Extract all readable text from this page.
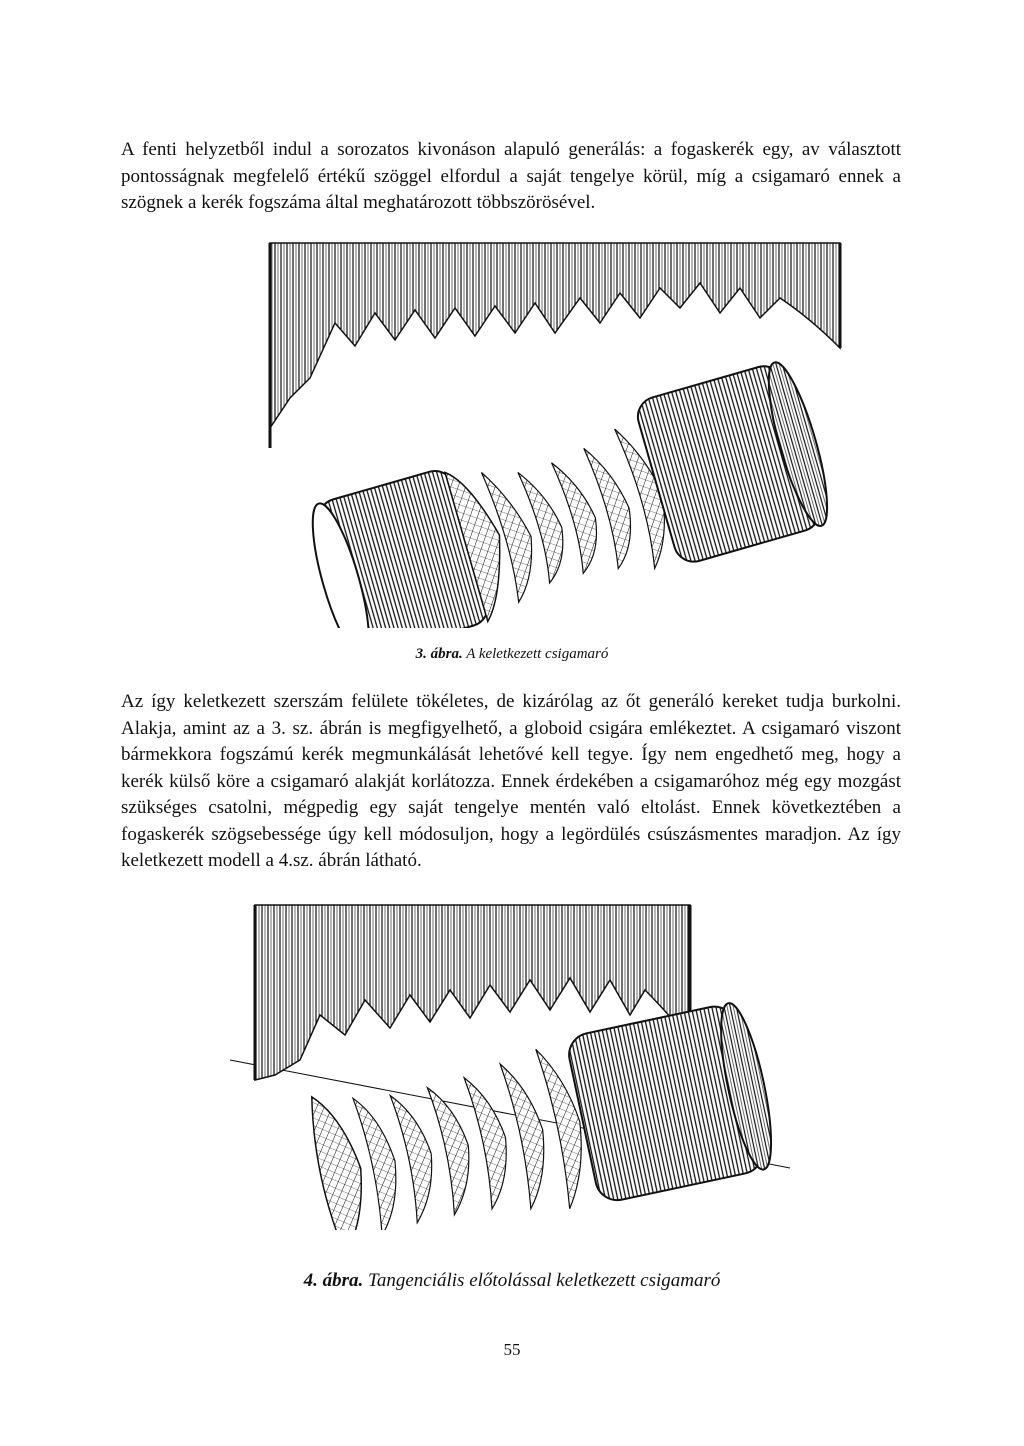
A fenti helyzetből indul a sorozatos kivonáson alapuló generálás: a fogaskerék egy, av választott pontosságnak megfelelő értékű szöggel elfordul a saját tengelye körül, míg a csigamaró ennek a szögnek a kerék fogszáma által meghatározott többszörösével.

3. ábra. A keletkezett csigamaró

Az így keletkezett szerszám felülete tökéletes, de kizárólag az őt generáló kereket tudja burkolni. Alakja, amint az a 3. sz. ábrán is megfigyelhető, a globoid csigára emlékeztet. A csigamaró viszont bármekkora fogszámú kerék megmunkálását lehetővé kell tegye. Így nem engedhető meg, hogy a kerék külső köre a csigamaró alakját korlátozza. Ennek érdekében a csigamaróhoz még egy mozgást szükséges csatolni, mégpedig egy saját tengelye mentén való eltolást. Ennek következtében a fogaskerék szögsebessége úgy kell módosuljon, hogy a legördülés csúszásmentes maradjon. Az így keletkezett modell a 4.sz. ábrán látható.

4. ábra. Tangenciális előtolással keletkezett csigamaró

55
